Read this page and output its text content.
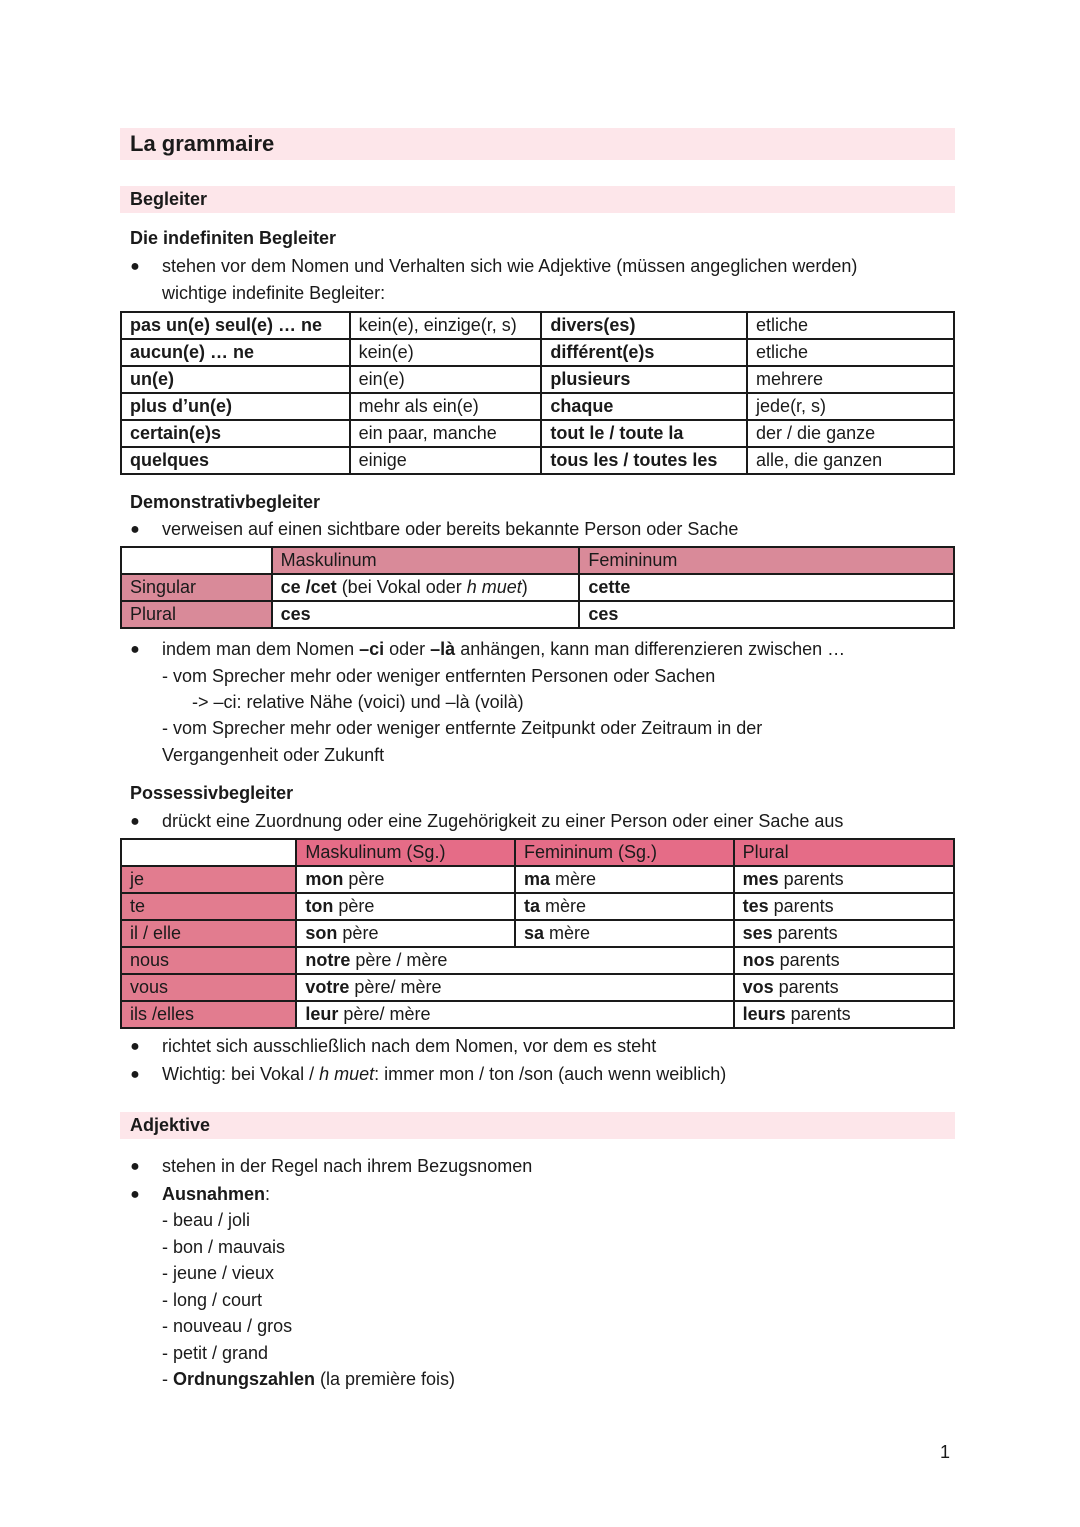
La grammaire
Begleiter
Die indefiniten Begleiter
● stehen vor dem Nomen und Verhalten sich wie Adjektive (müssen angeglichen werden)
wichtige indefinite Begleiter:
pas un(e) seul(e) … ne	kein(e), einzige(r, s)	divers(es)	etliche
aucun(e) … ne	kein(e)	différent(e)s	etliche
un(e)	ein(e)	plusieurs	mehrere
plus d’un(e)	mehr als ein(e)	chaque	jede(r, s)
certain(e)s	ein paar, manche	tout le / toute la	der / die ganze
quelques	einige	tous les / toutes les	alle, die ganzen
Demonstrativbegleiter
● verweisen auf einen sichtbare oder bereits bekannte Person oder Sache
	Maskulinum	Femininum
Singular	ce /cet (bei Vokal oder h muet)	cette
Plural	ces	ces
● indem man dem Nomen –ci oder –là anhängen, kann man differenzieren zwischen …
- vom Sprecher mehr oder weniger entfernten Personen oder Sachen
-> –ci: relative Nähe (voici) und –là (voilà)
- vom Sprecher mehr oder weniger entfernte Zeitpunkt oder Zeitraum in der
Vergangenheit oder Zukunft
Possessivbegleiter
● drückt eine Zuordnung oder eine Zugehörigkeit zu einer Person oder einer Sache aus
	Maskulinum (Sg.)	Femininum (Sg.)	Plural
je	mon père	ma mère	mes parents
te	ton père	ta mère	tes parents
il / elle	son père	sa mère	ses parents
nous	notre père / mère		nos parents
vous	votre père/ mère		vos parents
ils /elles	leur père/ mère		leurs parents
● richtet sich ausschließlich nach dem Nomen, vor dem es steht
● Wichtig: bei Vokal / h muet: immer mon / ton /son (auch wenn weiblich)
Adjektive
● stehen in der Regel nach ihrem Bezugsnomen
● Ausnahmen:
- beau / joli
- bon / mauvais
- jeune / vieux
- long / court
- nouveau / gros
- petit / grand
- Ordnungszahlen (la première fois)
1
